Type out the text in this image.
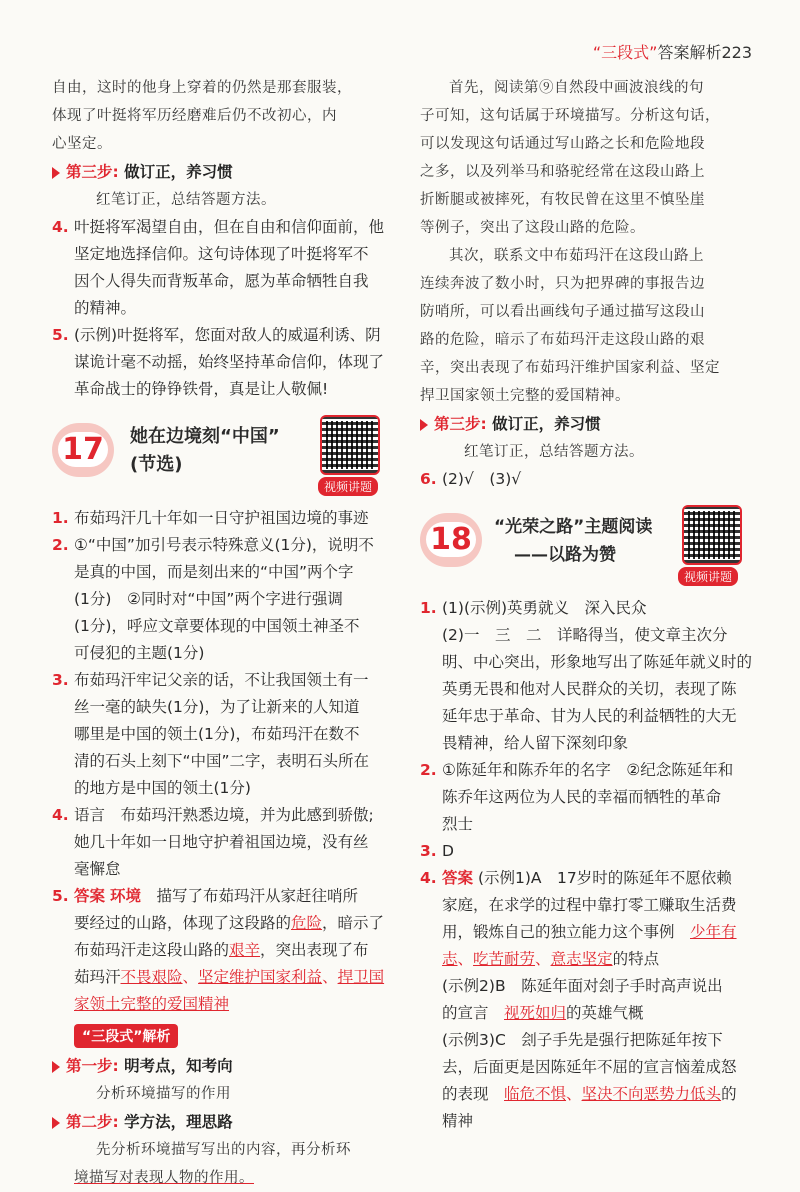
“三段式”答案解析223
自由，这时的他身上穿着的仍然是那套服装，
体现了叶挺将军历经磨难后仍不改初心，内
心坚定。
第三步: 做订正，养习惯
红笔订正，总结答题方法。
4. 叶挺将军渴望自由，但在自由和信仰面前，他
坚定地选择信仰。这句诗体现了叶挺将军不
因个人得失而背叛革命，愿为革命牺牲自我
的精神。
5. (示例)叶挺将军，您面对敌人的威逼利诱、阴
谋诡计毫不动摇，始终坚持革命信仰，体现了
革命战士的铮铮铁骨，真是让人敬佩!
17	她在边境刻“中国”
(节选)
视频讲题
1. 布茹玛汗几十年如一日守护祖国边境的事迹
2. ①“中国”加引号表示特殊意义(1分)，说明不
是真的中国，而是刻出来的“中国”两个字
(1分)　②同时对“中国”两个字进行强调
(1分)，呼应文章要体现的中国领土神圣不
可侵犯的主题(1分)
3. 布茹玛汗牢记父亲的话，不让我国领土有一
丝一毫的缺失(1分)，为了让新来的人知道
哪里是中国的领土(1分)，布茹玛汗在数不
清的石头上刻下“中国”二字，表明石头所在
的地方是中国的领土(1分)
4. 语言　布茹玛汗熟悉边境，并为此感到骄傲;
她几十年如一日地守护着祖国边境，没有丝
毫懈怠
5. 答案 环境　描写了布茹玛汗从家赶往哨所
要经过的山路，体现了这段路的危险，暗示了
布茹玛汗走这段山路的艰辛，突出表现了布
茹玛汗不畏艰险、坚定维护国家利益、捍卫国
家领土完整的爱国精神
“三段式”解析
第一步: 明考点，知考向
分析环境描写的作用
第二步: 学方法，理思路
先分析环境描写写出的内容，再分析环
境描写对表现人物的作用。
首先，阅读第⑨自然段中画波浪线的句
子可知，这句话属于环境描写。分析这句话，
可以发现这句话通过写山路之长和危险地段
之多，以及列举马和骆驼经常在这段山路上
折断腿或被摔死，有牧民曾在这里不慎坠崖
等例子，突出了这段山路的危险。
其次，联系文中布茹玛汗在这段山路上
连续奔波了数小时，只为把界碑的事报告边
防哨所，可以看出画线句子通过描写这段山
路的危险，暗示了布茹玛汗走这段山路的艰
辛，突出表现了布茹玛汗维护国家利益、坚定
捍卫国家领土完整的爱国精神。
第三步: 做订正，养习惯
红笔订正，总结答题方法。
6. (2)√　(3)√
18	“光荣之路”主题阅读
——以路为赞
视频讲题
1. (1)(示例)英勇就义　深入民众
(2)一　三　二　详略得当，使文章主次分
明、中心突出，形象地写出了陈延年就义时的
英勇无畏和他对人民群众的关切，表现了陈
延年忠于革命、甘为人民的利益牺牲的大无
畏精神，给人留下深刻印象
2. ①陈延年和陈乔年的名字　②纪念陈延年和
陈乔年这两位为人民的幸福而牺牲的革命
烈士
3. D
4. 答案 (示例1)A　17岁时的陈延年不愿依赖
家庭，在求学的过程中靠打零工赚取生活费
用，锻炼自己的独立能力这个事例　少年有
志、吃苦耐劳、意志坚定的特点
(示例2)B　陈延年面对刽子手时高声说出
的宣言　视死如归的英雄气概
(示例3)C　刽子手先是强行把陈延年按下
去，后面更是因陈延年不屈的宣言恼羞成怒
的表现　临危不惧、坚决不向恶势力低头的
精神
